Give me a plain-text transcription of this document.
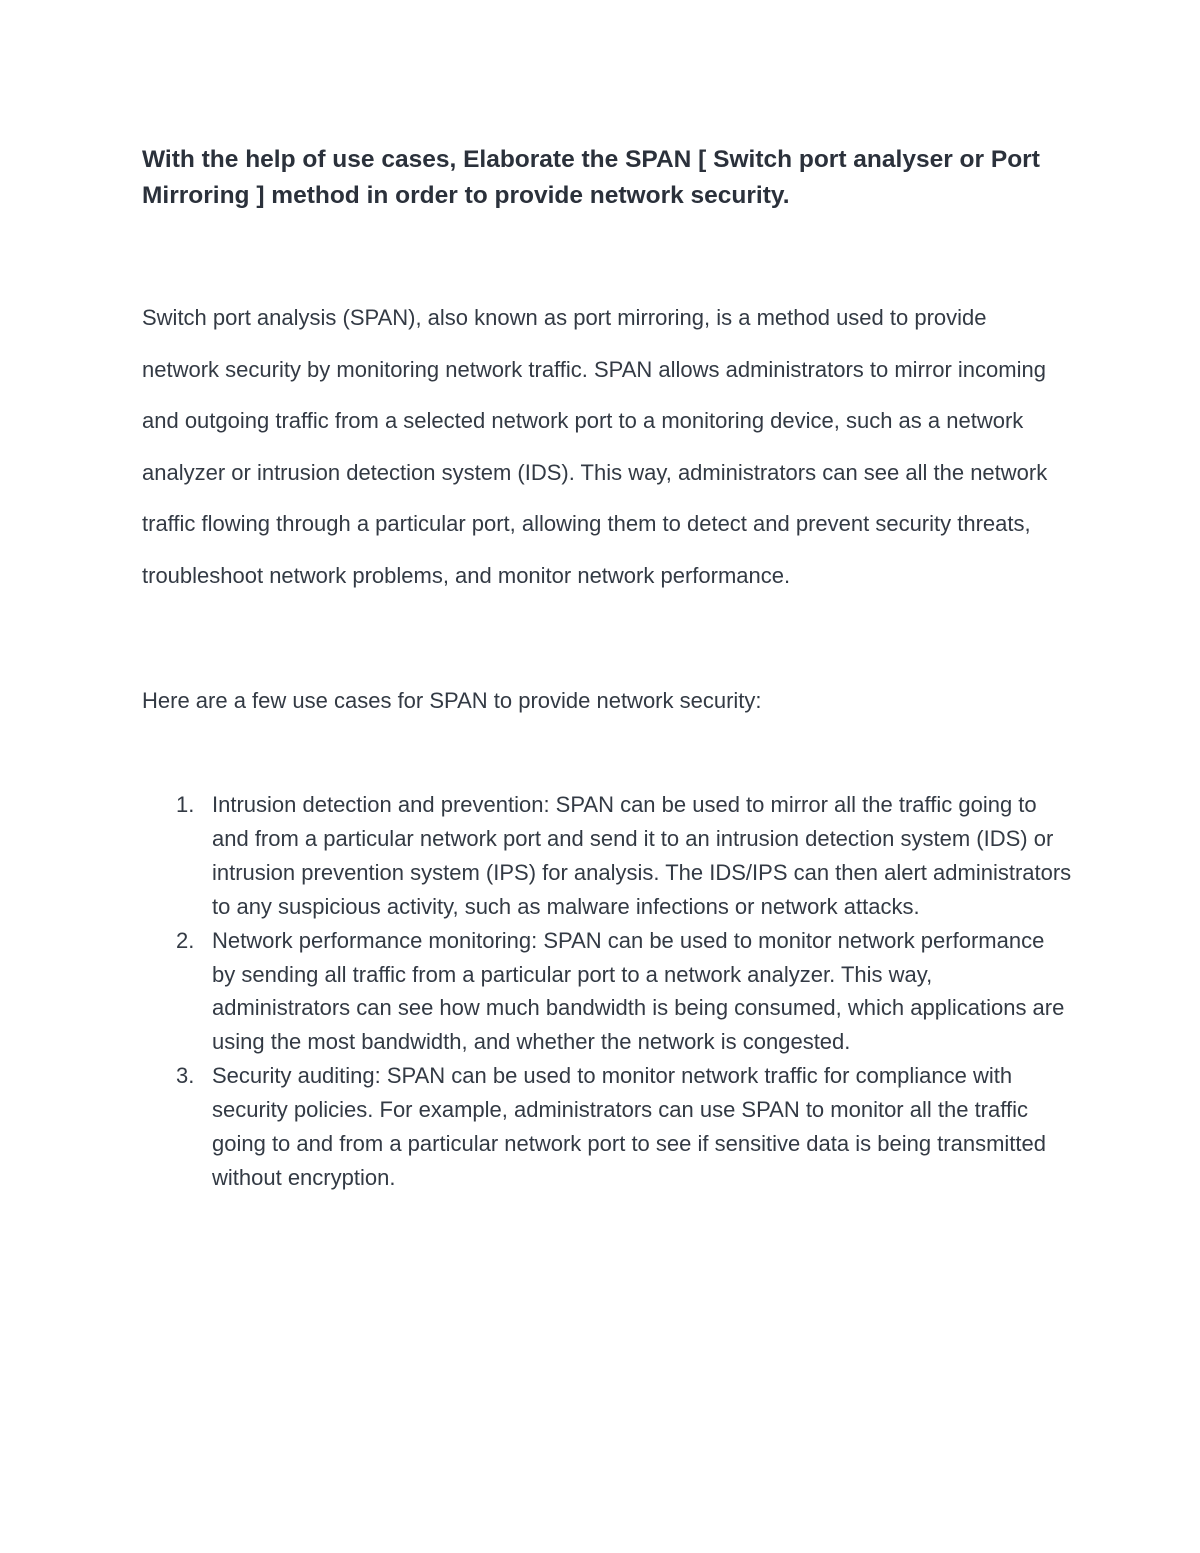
With the help of use cases, Elaborate the SPAN [ Switch port analyser or Port Mirroring ] method in order to provide network security.

Switch port analysis (SPAN), also known as port mirroring, is a method used to provide network security by monitoring network traffic. SPAN allows administrators to mirror incoming and outgoing traffic from a selected network port to a monitoring device, such as a network analyzer or intrusion detection system (IDS). This way, administrators can see all the network traffic flowing through a particular port, allowing them to detect and prevent security threats, troubleshoot network problems, and monitor network performance.

Here are a few use cases for SPAN to provide network security:

1. Intrusion detection and prevention: SPAN can be used to mirror all the traffic going to and from a particular network port and send it to an intrusion detection system (IDS) or intrusion prevention system (IPS) for analysis. The IDS/IPS can then alert administrators to any suspicious activity, such as malware infections or network attacks.
2. Network performance monitoring: SPAN can be used to monitor network performance by sending all traffic from a particular port to a network analyzer. This way, administrators can see how much bandwidth is being consumed, which applications are using the most bandwidth, and whether the network is congested.
3. Security auditing: SPAN can be used to monitor network traffic for compliance with security policies. For example, administrators can use SPAN to monitor all the traffic going to and from a particular network port to see if sensitive data is being transmitted without encryption.
